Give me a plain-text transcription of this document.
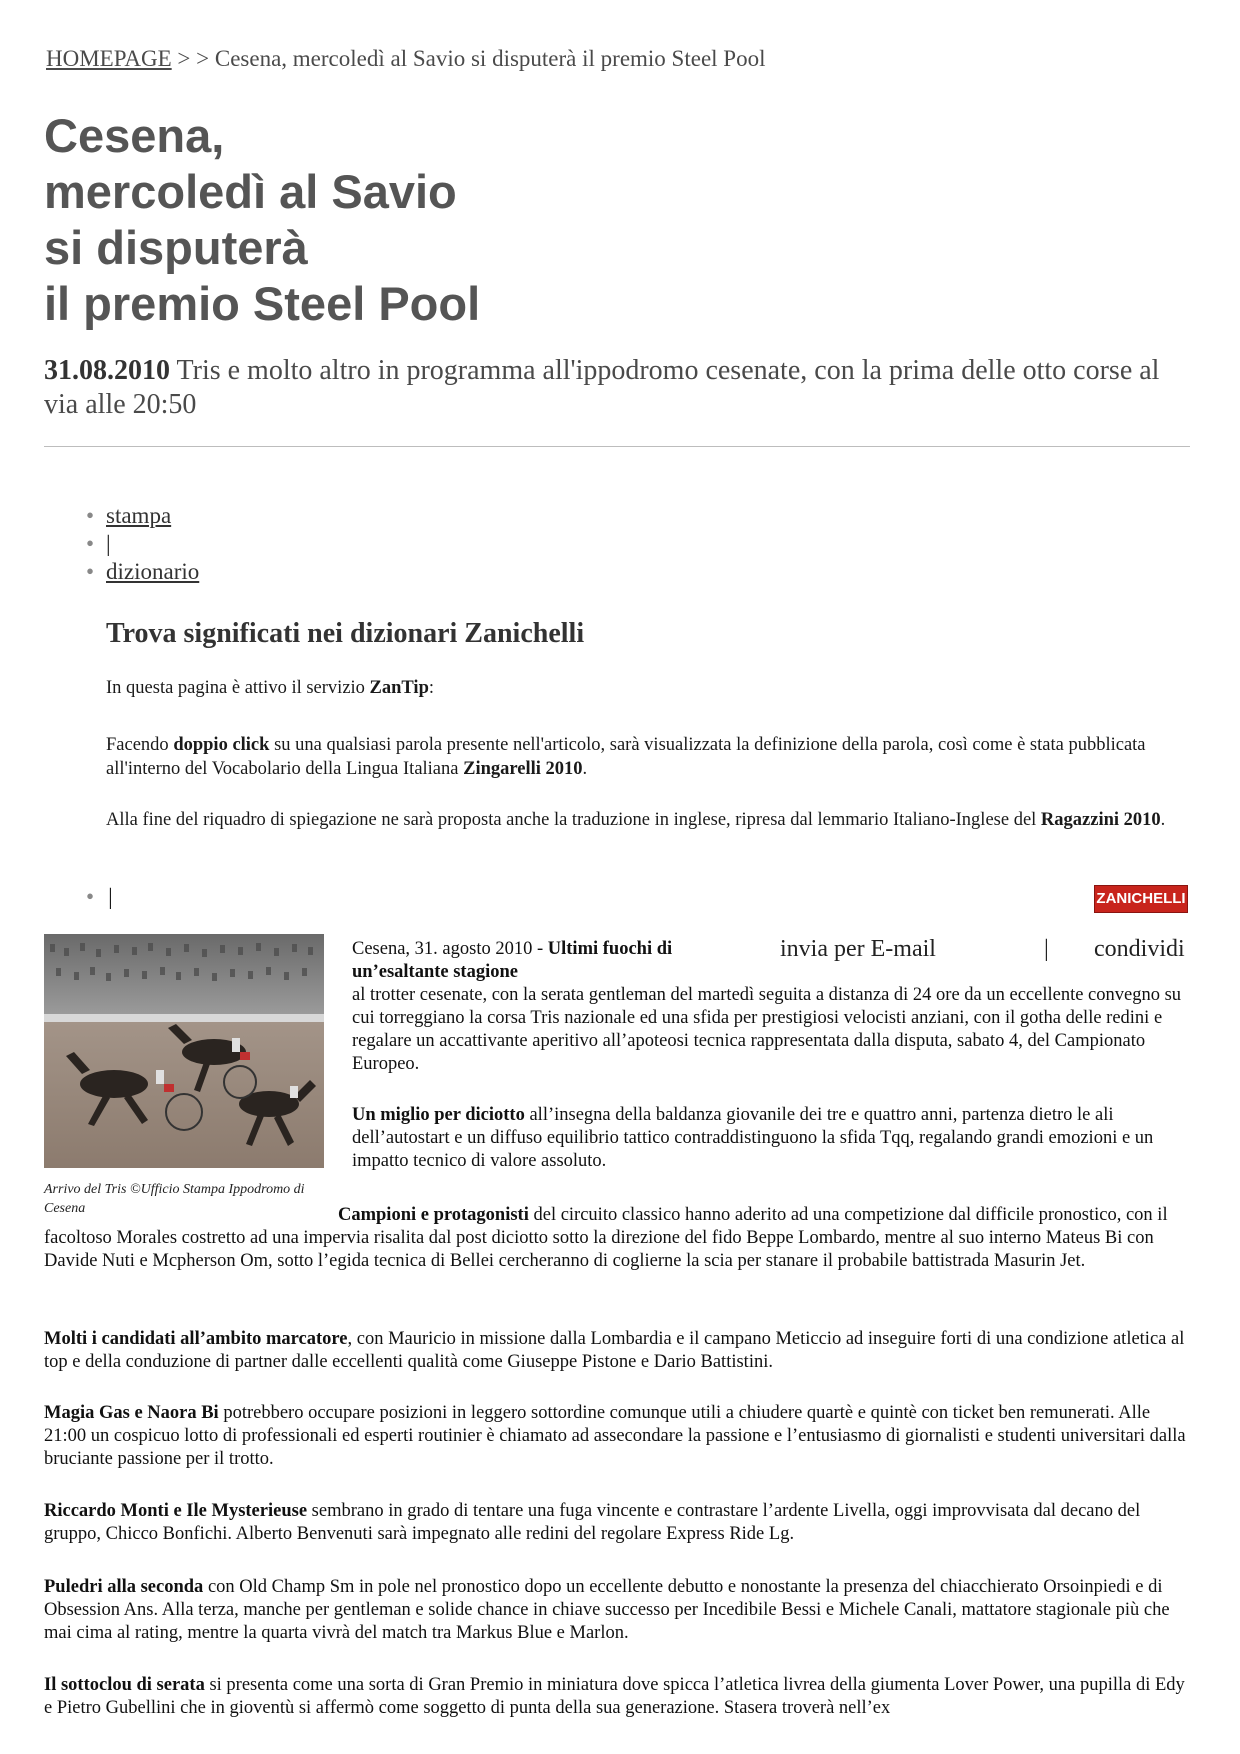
HOMEPAGE > > Cesena, mercoledì al Savio si disputerà il premio Steel Pool
Cesena,
mercoledì al Savio
si disputerà
il premio Steel Pool
31.08.2010 Tris e molto altro in programma all'ippodromo cesenate, con la prima delle otto corse al via alle 20:50
• stampa
• |
• dizionario
Trova significati nei dizionari Zanichelli

In questa pagina è attivo il servizio ZanTip:

Facendo doppio click su una qualsiasi parola presente nell'articolo, sarà visualizzata la definizione della parola, così come è stata pubblicata all'interno del Vocabolario della Lingua Italiana Zingarelli 2010.

Alla fine del riquadro di spiegazione ne sarà proposta anche la traduzione in inglese, ripresa dal lemmario Italiano-Inglese del Ragazzini 2010.

• |	ZANICHELLI
Arrivo del Tris ©Ufficio Stampa Ippodromo di Cesena
invia per E-mail	| condividi

Cesena, 31. agosto 2010 - Ultimi fuochi di un’esaltante stagione

al trotter cesenate, con la serata gentleman del martedì seguita a distanza di 24 ore da un eccellente convegno su cui torreggiano la corsa Tris nazionale ed una sfida per prestigiosi velocisti anziani, con il gotha delle redini e regalare un accattivante aperitivo all’apoteosi tecnica rappresentata dalla disputa, sabato 4, del Campionato Europeo.

Un miglio per diciotto all’insegna della baldanza giovanile dei tre e quattro anni, partenza dietro le ali dell’autostart e un diffuso equilibrio tattico contraddistinguono la sfida Tqq, regalando grandi emozioni e un impatto tecnico di valore assoluto.

Campioni e protagonisti del circuito classico hanno aderito ad una competizione dal difficile pronostico, con il facoltoso Morales costretto ad una impervia risalita dal post diciotto sotto la direzione del fido Beppe Lombardo, mentre al suo interno Mateus Bi con Davide Nuti e Mcpherson Om, sotto l’egida tecnica di Bellei cercheranno di coglierne la scia per stanare il probabile battistrada Masurin Jet.

Molti i candidati all’ambito marcatore, con Mauricio in missione dalla Lombardia e il campano Meticcio ad inseguire forti di una condizione atletica al top e della conduzione di partner dalle eccellenti qualità come Giuseppe Pistone e Dario Battistini.

Magia Gas e Naora Bi potrebbero occupare posizioni in leggero sottordine comunque utili a chiudere quartè e quintè con ticket ben remunerati. Alle 21:00 un cospicuo lotto di professionali ed esperti routinier è chiamato ad assecondare la passione e l’entusiasmo di giornalisti e studenti universitari dalla bruciante passione per il trotto.

Riccardo Monti e Ile Mysterieuse sembrano in grado di tentare una fuga vincente e contrastare l’ardente Livella, oggi improvvisata dal decano del gruppo, Chicco Bonfichi. Alberto Benvenuti sarà impegnato alle redini del regolare Express Ride Lg.

Puledri alla seconda con Old Champ Sm in pole nel pronostico dopo un eccellente debutto e nonostante la presenza del chiacchierato Orsoinpiedi e di Obsession Ans. Alla terza, manche per gentleman e solide chance in chiave successo per Incedibile Bessi e Michele Canali, mattatore stagionale più che mai cima al rating, mentre la quarta vivrà del match tra Markus Blue e Marlon.

Il sottoclou di serata si presenta come una sorta di Gran Premio in miniatura dove spicca l’atletica livrea della giumenta Lover Power, una pupilla di Edy e Pietro Gubellini che in gioventù si affermò come soggetto di punta della sua generazione. Stasera troverà nell’ex
